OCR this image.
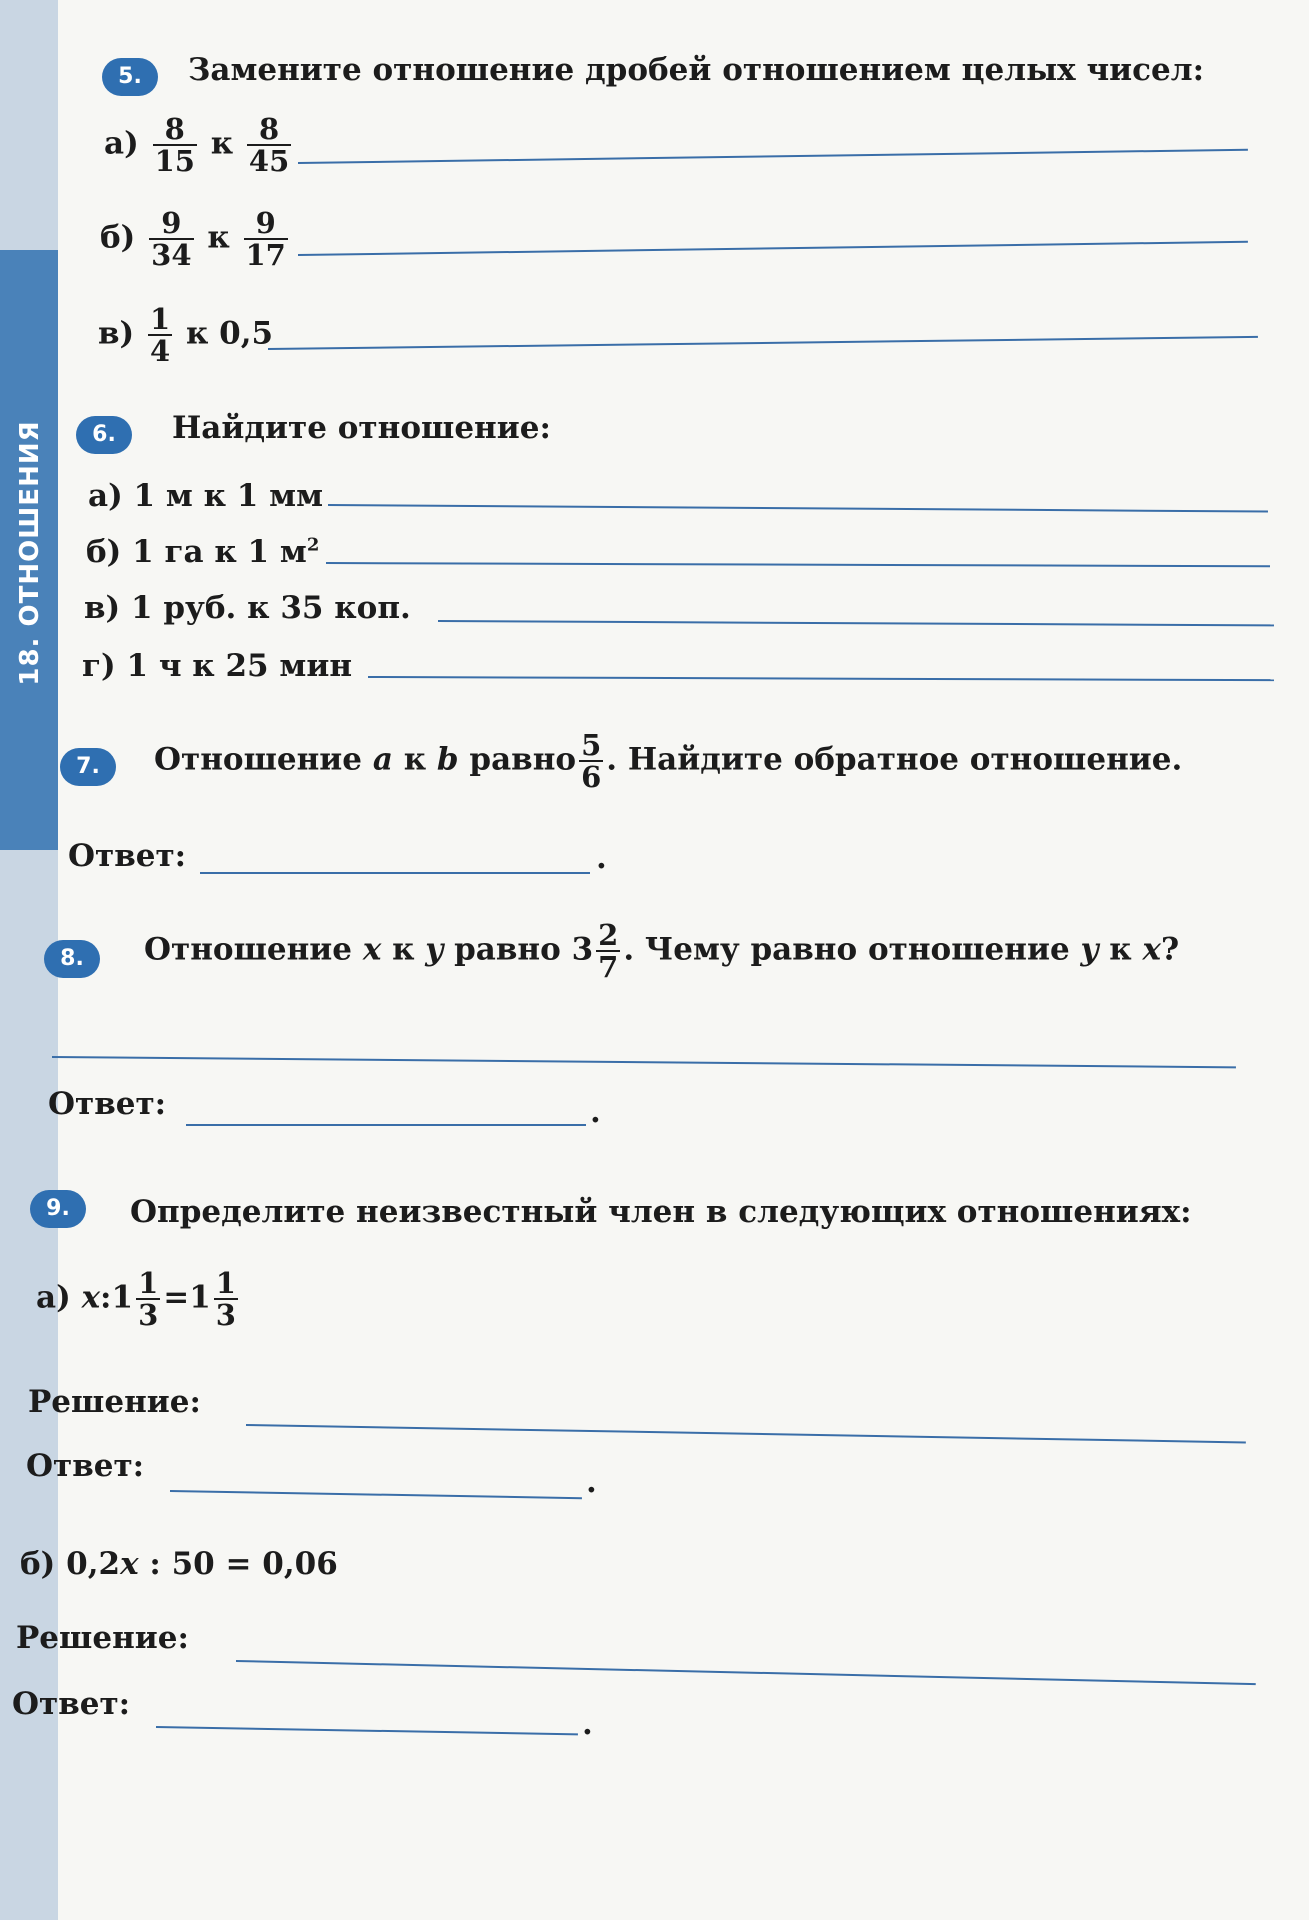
18. ОТНОШЕНИЯ
5.	Замените отношение дробей отношением целых чисел:
$а) \frac{8}{15}$ к $\frac{8}{45}$
$б) \frac{9}{34}$ к $\frac{9}{17}$
$в) \frac{1}{4}$ к 0,5
6.	Найдите отношение:
а) 1 м к 1 мм
б) 1 га к 1 $м^2$
в) 1 руб. к 35 коп.
г) 1 ч к 25 мин
7.	Отношение a к b равно $\frac{5}{6}$ . Найдите обратное отношение.
Ответ:	.
8.	Отношение x к y равно $3 \frac{2}{7}$ . Чему равно отношение y к x?
Ответ:	.
9.	Определите неизвестный член в следующих отношениях:
а) x:1 $\frac{1}{3} =1 \frac{1}{3}$
Решение:
Ответ:	.
б) 0,2x : 50 = 0,06
Решение:
Ответ:
.
